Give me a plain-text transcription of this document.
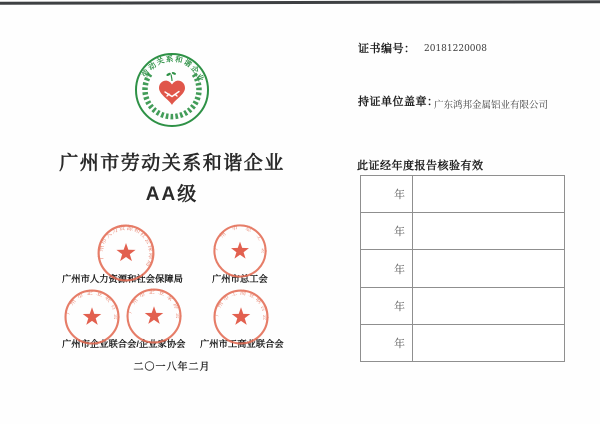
劳动关系和谐企业
广州市劳动关系和谐企业
AA级
广州市人力资源和社会保障局	广州市总工会
广州市企业联合会/企业家协会 广州市工商业联合会
广州市人力资源和社会保障局
广州市总工会
广州市企业联合会
广州市企业家协会
广州市工商业联合会
二〇一八年二月
证书编号： 20181220008
持证单位盖章：
广东鸿邦金属铝业有限公司
此证经年度报告核验有效
年
年
年
年
年
